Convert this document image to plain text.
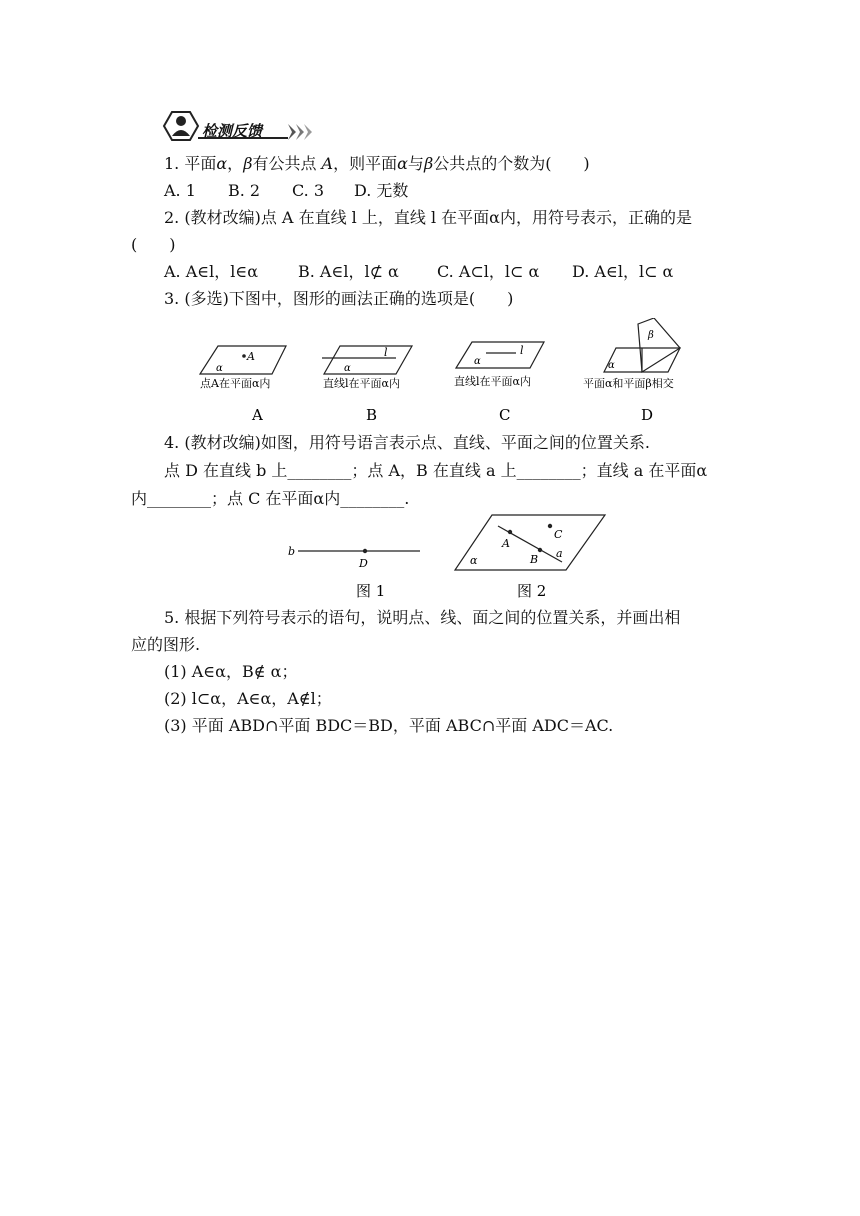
检测反馈
1. 平面α，β有公共点 A，则平面α与β公共点的个数为(　　)
A. 1 B. 2 C. 3 D. 无数
2. (教材改编)点 A 在直线 l 上，直线 l 在平面α内，用符号表示，正确的是
(　　)
A. A∈l，l∈α B. A∈l，l⊄ α C. A⊂l，l⊂ α D. A∈l，l⊂ α
3. (多选)下图中，图形的画法正确的选项是(　　)
A
α
点A在平面α内
A
l
α
直线l在平面α内
B
l
α
直线l在平面α内
C
β
α
平面α和平面β相交
D
4. (教材改编)如图，用符号语言表示点、直线、平面之间的位置关系.
点 D 在直线 b 上________；点 A，B 在直线 a 上________；直线 a 在平面α
内________；点 C 在平面α内________.
b
D
图 1
A
B
C
a
α
图 2
5. 根据下列符号表示的语句，说明点、线、面之间的位置关系，并画出相
应的图形.
(1) A∈α，B∉ α；
(2) l⊂α，A∈α，A∉l；
(3) 平面 ABD∩平面 BDC＝BD，平面 ABC∩平面 ADC＝AC.
